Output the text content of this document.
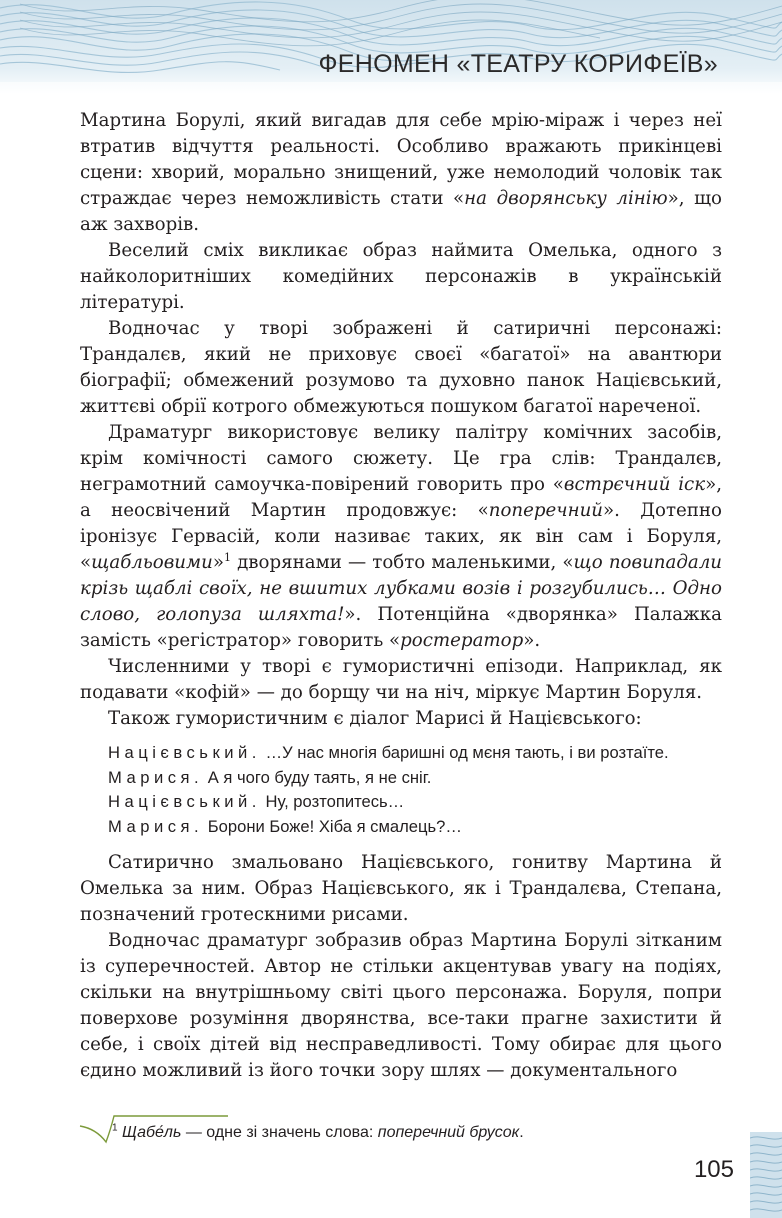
ФЕНОМЕН «ТЕАТРУ КОРИФЕЇВ»

Мартина Борулі, який вигадав для себе мрію-міраж і через неї втратив відчуття реальності. Особливо вражають прикінцеві сцени: хворий, морально знищений, уже немолодий чоловік так страждає через неможливість стати «на дворянську лінію», що аж захворів.

Веселий сміх викликає образ наймита Омелька, одного з найколоритніших комедійних персонажів в українській літературі.

Водночас у творі зображені й сатиричні персонажі: Трандалєв, який не приховує своєї «багатої» на авантюри біографії; обмежений розумово та духовно панок Націєвський, життєві обрії котрого обмежуються пошуком багатої нареченої.

Драматург використовує велику палітру комічних засобів, крім комічності самого сюжету. Це гра слів: Трандалєв, неграмотний самоучка-повірений говорить про «встрєчний іск», а неосвічений Мартин продовжує: «поперечний». Дотепно іронізує Гервасій, коли називає таких, як він сам і Боруля, «щабльовими»$^1$ дворянами — тобто маленькими, «що повипадали крізь щаблі своїх, не вшитих лубками возів і розгубились… Одно слово, голопуза шляхта!». Потенційна «дворянка» Палажка замість «регістратор» говорить «ростератор».

Численними у творі є гумористичні епізоди. Наприклад, як подавати «кофій» — до борщу чи на ніч, міркує Мартин Боруля.

Також гумористичним є діалог Марисі й Націєвського:

Націєвський. …У нас многія баришні од мєня тають, і ви розтаїте.

Марися. А я чого буду таять, я не сніг.

Націєвський. Ну, розтопитесь…

Марися. Борони Боже! Хіба я смалець?…

Сатирично змальовано Націєвського, гонитву Мартина й Омелька за ним. Образ Націєвського, як і Трандалєва, Степана, позначений гротескними рисами.

Водночас драматург зобразив образ Мартина Борулі зітканим із суперечностей. Автор не стільки акцентував увагу на подіях, скільки на внутрішньому світі цього персонажа. Боруля, попри поверхове розуміння дворянства, все-таки прагне захистити й себе, і своїх дітей від несправедливості. Тому обирає для цього єдино можливий із його точки зору шлях — документального

$^1$ Щабе́ль — одне зі значень слова: поперечний брусок.

105
